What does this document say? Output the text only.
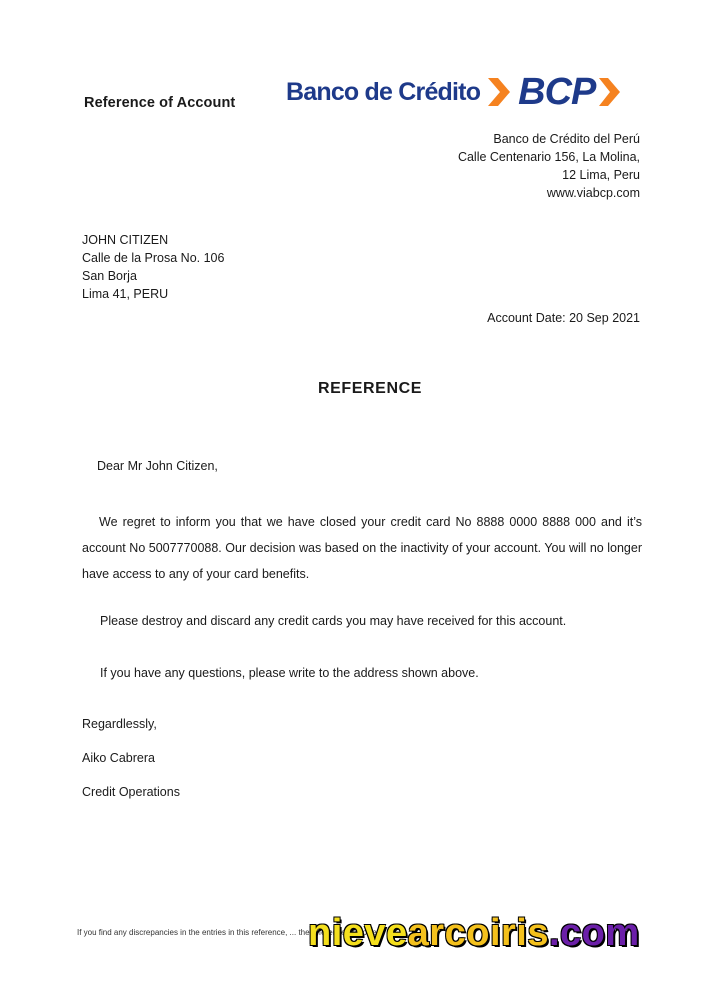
Reference of Account Banco de Crédito BCP
Banco de Crédito del Perú
Calle Centenario 156, La Molina,
12 Lima, Peru
www.viabcp.com
JOHN CITIZEN
Calle de la Prosa No. 106
San Borja
Lima 41, PERU
Account Date: 20 Sep 2021
REFERENCE
Dear Mr John Citizen,
We regret to inform you that we have closed your credit card No 8888 0000 8888 000 and it’s account No 5007770088. Our decision was based on the inactivity of your account. You will no longer have access to any of your card benefits.
Please destroy and discard any credit cards you may have received for this account.
If you have any questions, please write to the address shown above.
Regardlessly,
Aiko Cabrera
Credit Operations
If you find any discrepancies in the entries in this reference, ... the reference as correct.
nievearcoiris.com
